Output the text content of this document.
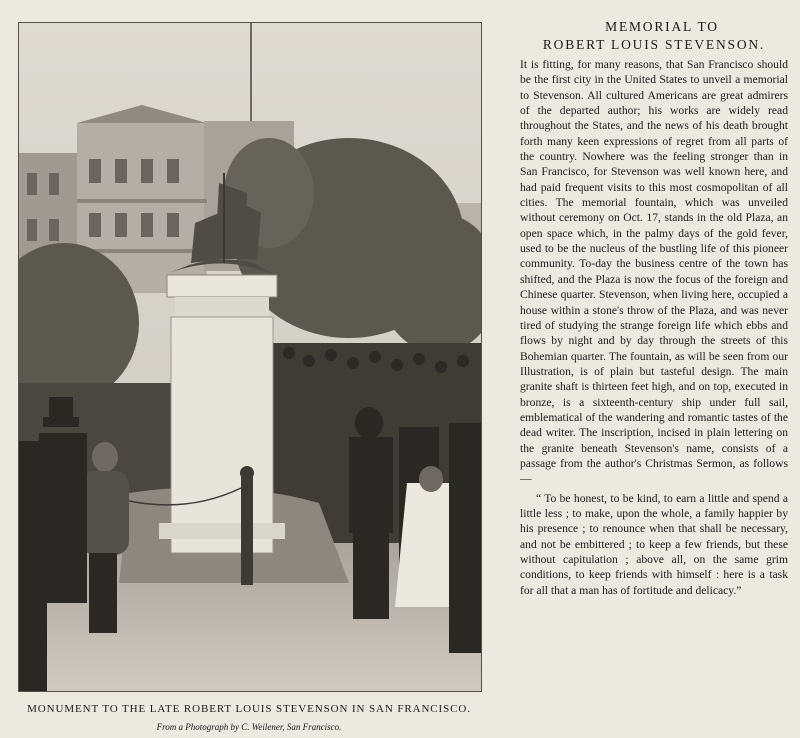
MONUMENT TO THE LATE ROBERT LOUIS STEVENSON IN SAN FRANCISCO.

From a Photograph by C. Weilener, San Francisco.

MEMORIAL TO
ROBERT LOUIS STEVENSON.

It is fitting, for many reasons, that San Francisco should be the first city in the United States to unveil a memorial to Stevenson. All cultured Americans are great admirers of the departed author; his works are widely read throughout the States, and the news of his death brought forth many keen expressions of regret from all parts of the country. Nowhere was the feeling stronger than in San Francisco, for Stevenson was well known here, and had paid frequent visits to this most cosmopolitan of all cities. The memorial fountain, which was unveiled without ceremony on Oct. 17, stands in the old Plaza, an open space which, in the palmy days of the gold fever, used to be the nucleus of the bustling life of this pioneer community. To-day the business centre of the town has shifted, and the Plaza is now the focus of the foreign and Chinese quarter. Stevenson, when living here, occupied a house within a stone's throw of the Plaza, and was never tired of studying the strange foreign life which ebbs and flows by night and by day through the streets of this Bohemian quarter. The fountain, as will be seen from our Illustration, is of plain but tasteful design. The main granite shaft is thirteen feet high, and on top, executed in bronze, is a sixteenth-century ship under full sail, emblematical of the wandering and romantic tastes of the dead writer. The inscription, incised in plain lettering on the granite beneath Stevenson's name, consists of a passage from the author's Christmas Sermon, as follows—

“ To be honest, to be kind, to earn a little and spend a little less ; to make, upon the whole, a family happier by his presence ; to renounce when that shall be necessary, and not be embittered ; to keep a few friends, but these without capitulation ; above all, on the same grim conditions, to keep friends with himself : here is a task for all that a man has of fortitude and delicacy.”
